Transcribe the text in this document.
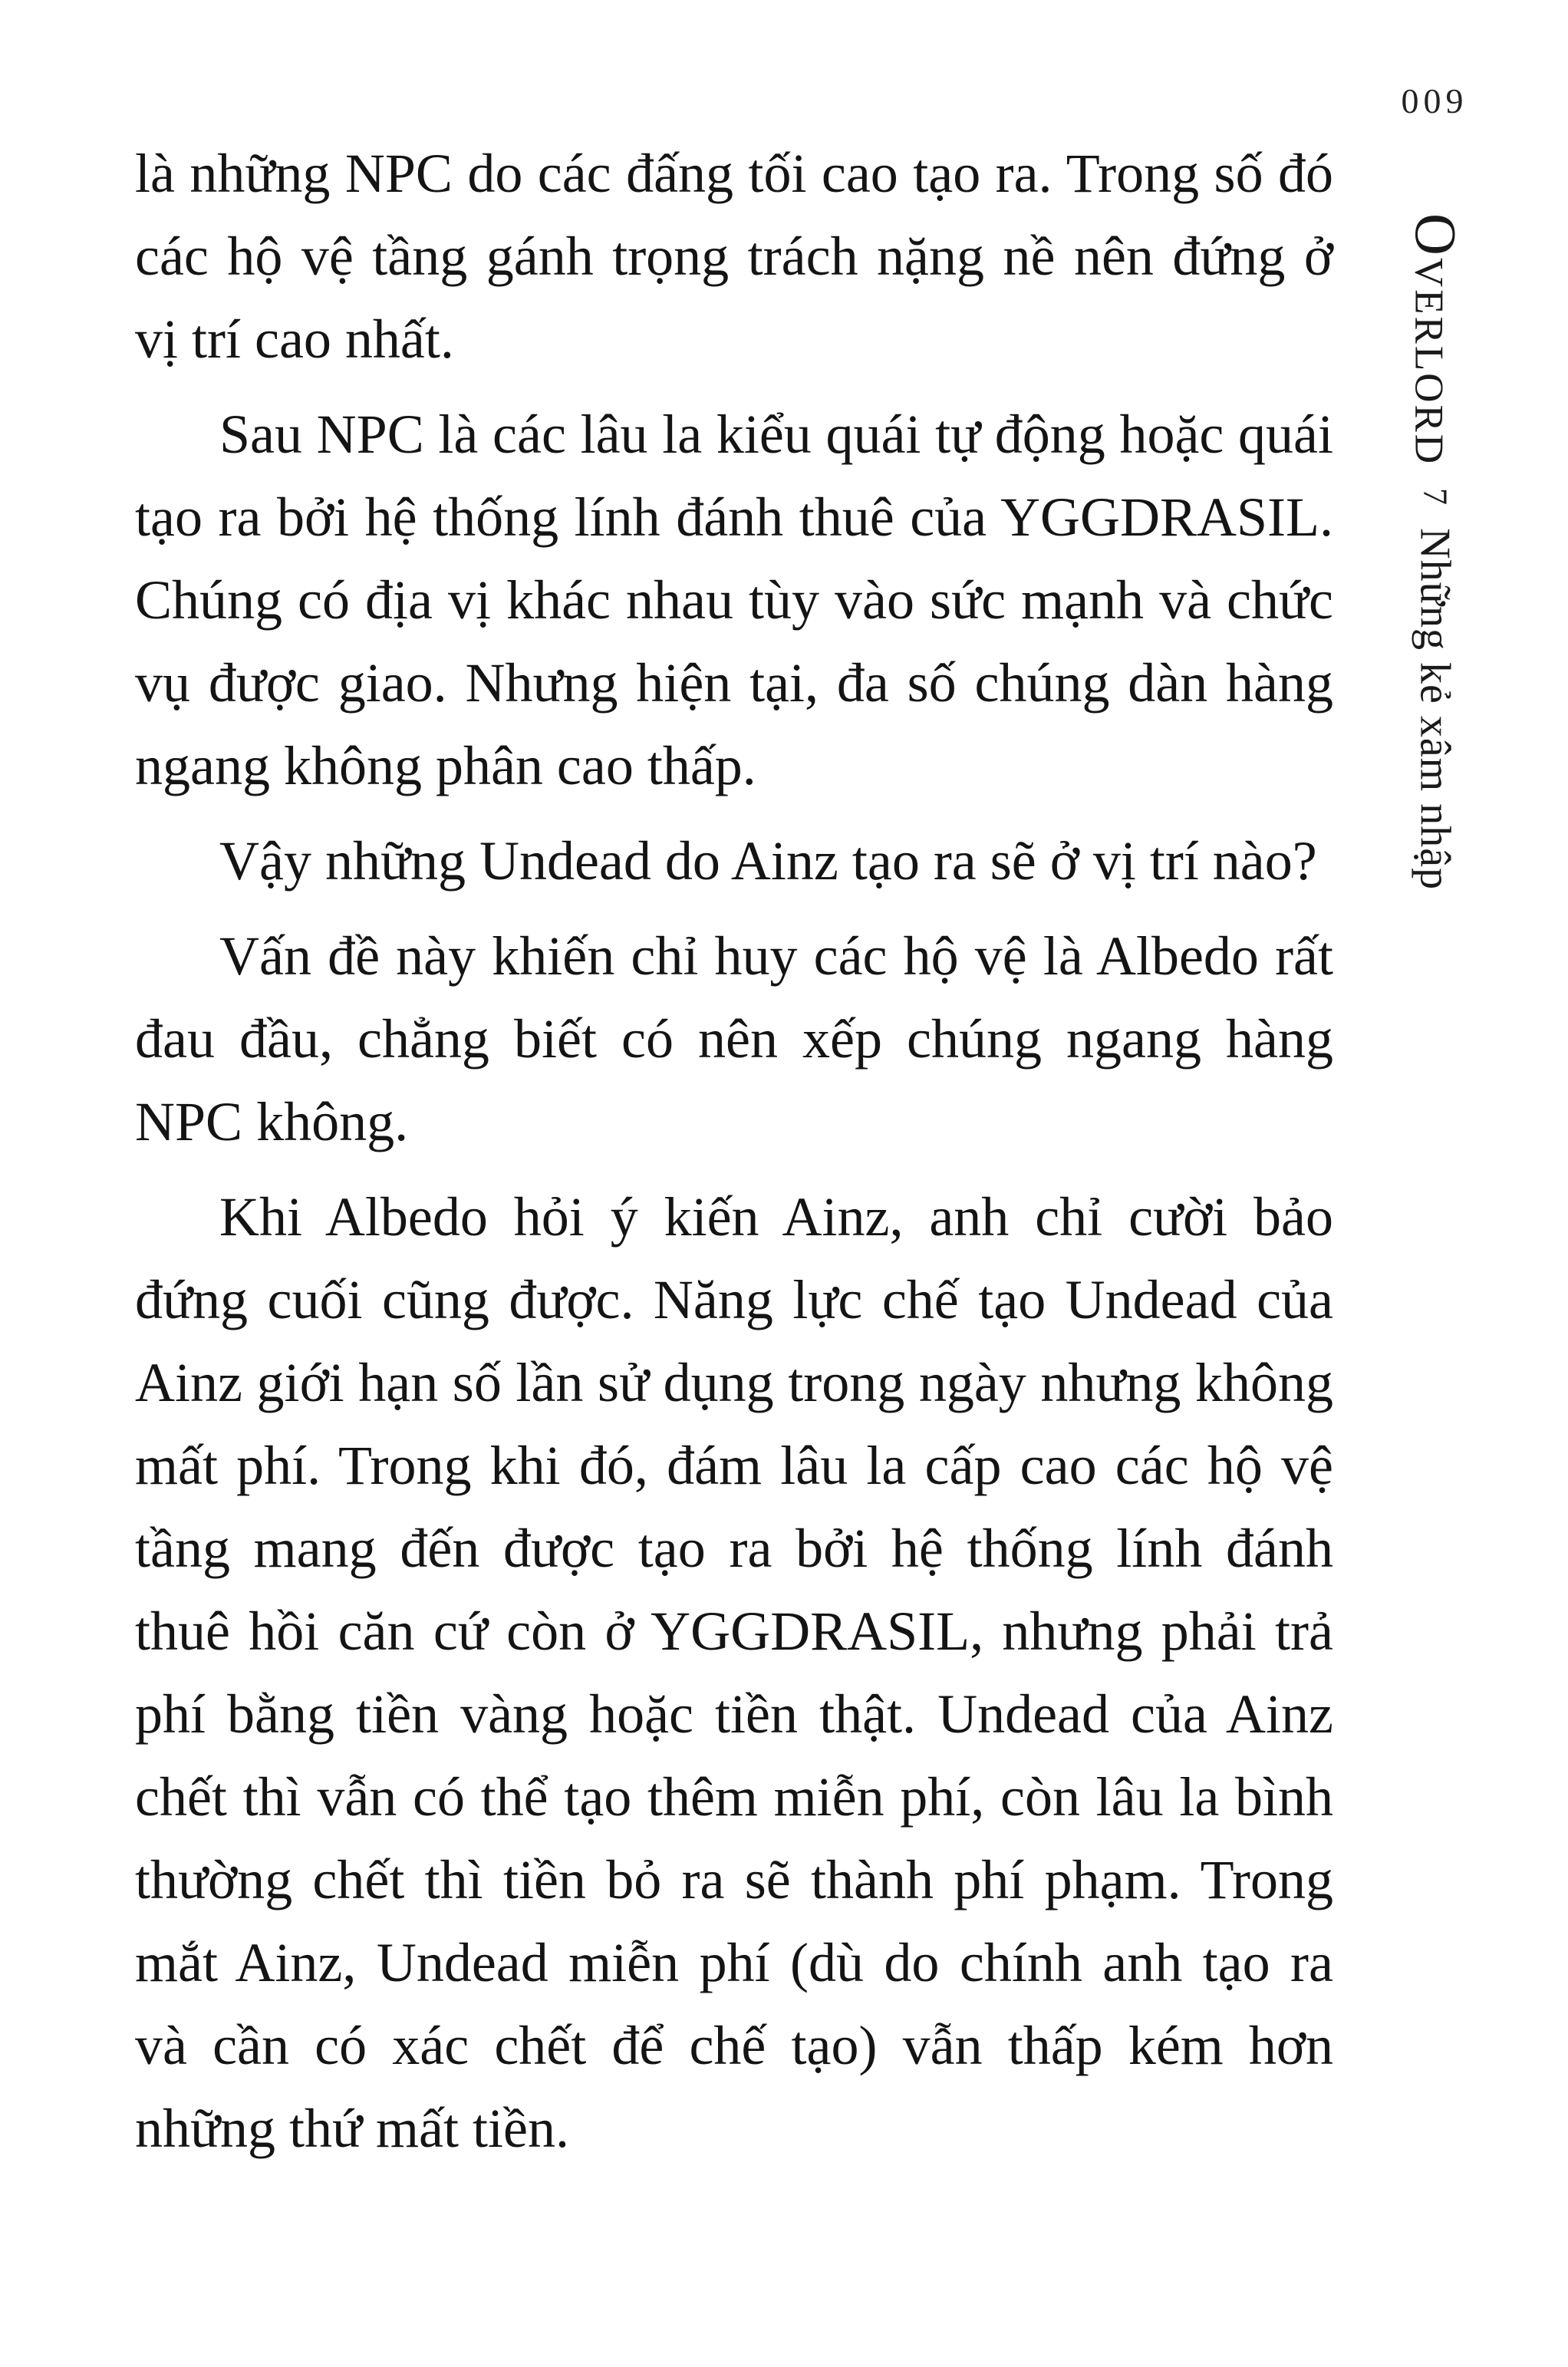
009
Overlord 7 Những kẻ xâm nhập

là những NPC do các đấng tối cao tạo ra. Trong số đó các hộ vệ tầng gánh trọng trách nặng nề nên đứng ở vị trí cao nhất.

Sau NPC là các lâu la kiểu quái tự động hoặc quái tạo ra bởi hệ thống lính đánh thuê của YGGDRASIL. Chúng có địa vị khác nhau tùy vào sức mạnh và chức vụ được giao. Nhưng hiện tại, đa số chúng dàn hàng ngang không phân cao thấp.

Vậy những Undead do Ainz tạo ra sẽ ở vị trí nào?

Vấn đề này khiến chỉ huy các hộ vệ là Albedo rất đau đầu, chẳng biết có nên xếp chúng ngang hàng NPC không.

Khi Albedo hỏi ý kiến Ainz, anh chỉ cười bảo đứng cuối cũng được. Năng lực chế tạo Undead của Ainz giới hạn số lần sử dụng trong ngày nhưng không mất phí. Trong khi đó, đám lâu la cấp cao các hộ vệ tầng mang đến được tạo ra bởi hệ thống lính đánh thuê hồi căn cứ còn ở YGGDRASIL, nhưng phải trả phí bằng tiền vàng hoặc tiền thật. Undead của Ainz chết thì vẫn có thể tạo thêm miễn phí, còn lâu la bình thường chết thì tiền bỏ ra sẽ thành phí phạm. Trong mắt Ainz, Undead miễn phí (dù do chính anh tạo ra và cần có xác chết để chế tạo) vẫn thấp kém hơn những thứ mất tiền.
